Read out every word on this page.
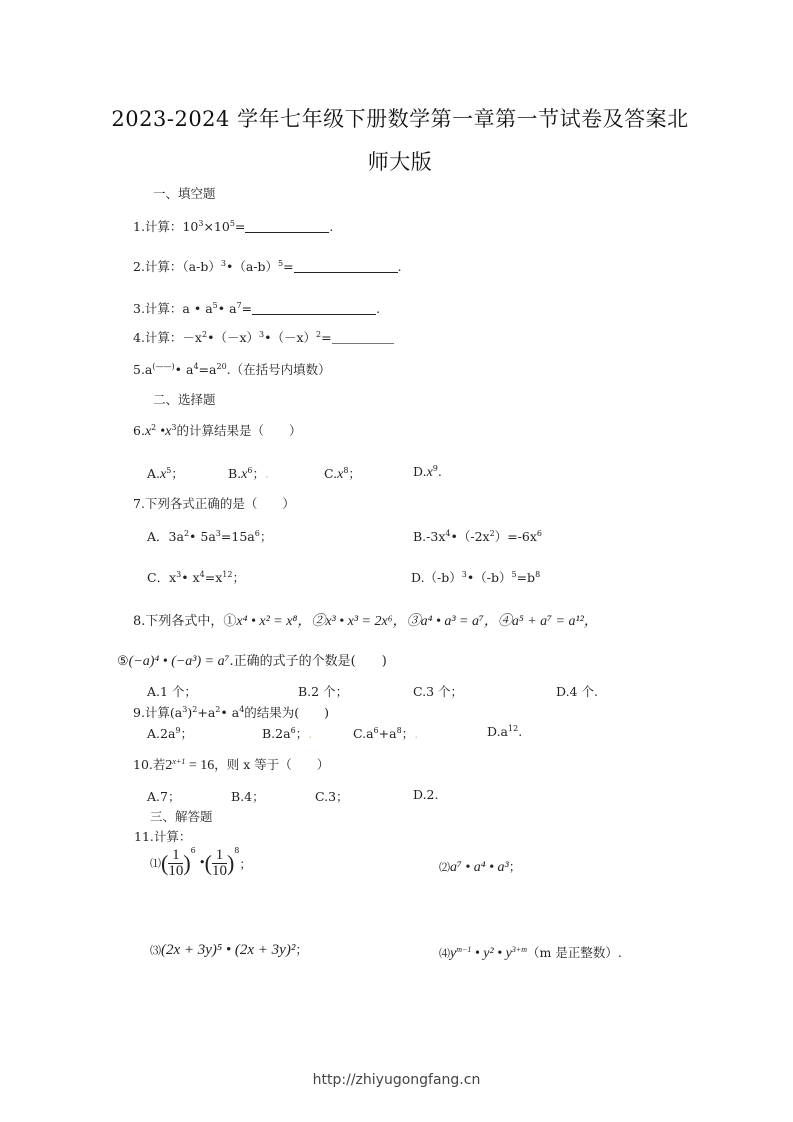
2023-2024 学年七年级下册数学第一章第一节试卷及答案北
师大版
一、填空题
1.计算：$10^3\times 10^5=$	.
2.计算：$(a-b)^3•(a-b)^5=$	.
3.计算：a • $a^5•$ $a^7=$	.
4.计算：$-x^2•(-x)^3•(-x)^2=$
5.a(——)• $a^4=a^{20}$.（在括号内填数）
二、选择题
$6.x^2$ $•x^3$的计算结果是（　　）
$A.x^5$；	$B.x^6$；.	$C.x^8$；	$D.x^9$.
7.下列各式正确的是（　　）
A．$3a^2•$ $5a^3=15a^6$；	$B.-3x^4•(-2x^2)=-6x^6$
C．$x^3•$ $x^4=x^{12}$；	$D.(-b)^3•(-b)^5=b^8$
8.下列各式中，①x⁴ • x² = x⁸，②x³ • x³ = 2x⁶，③a⁴ • a³ = a⁷，④a⁵ + a⁷ = a¹²，
⑤(−a)⁴ • (−a³) = a⁷.正确的式子的个数是(　　)
A.1 个；	B.2 个；	C.3 个；	D.4 个.
9.计算$(a^3)^2+a^2•$ $a^4$的结果为(　　)
$A.2a^9$；	$B.2a^6$；.	$C.a^6+a^8$；.	$D.a^{12}$.
10.若$2^{x+1} = 16$，则 x 等于（　　）
A.7；	B.4；	C.3；	D.2.
三、解答题
11.计算：
⑴( $\frac{1}{10} )^6$ •( $\frac{1}{10} )^8$；	⑵a⁷ • a⁴ • a³；
⑶(2x + 3y)⁵ • (2x + 3y)²；	$⑷y^{m-1}$ • y² • $y^{3+m}(m$ 是正整数）.
http://zhiyugongfang.cn
